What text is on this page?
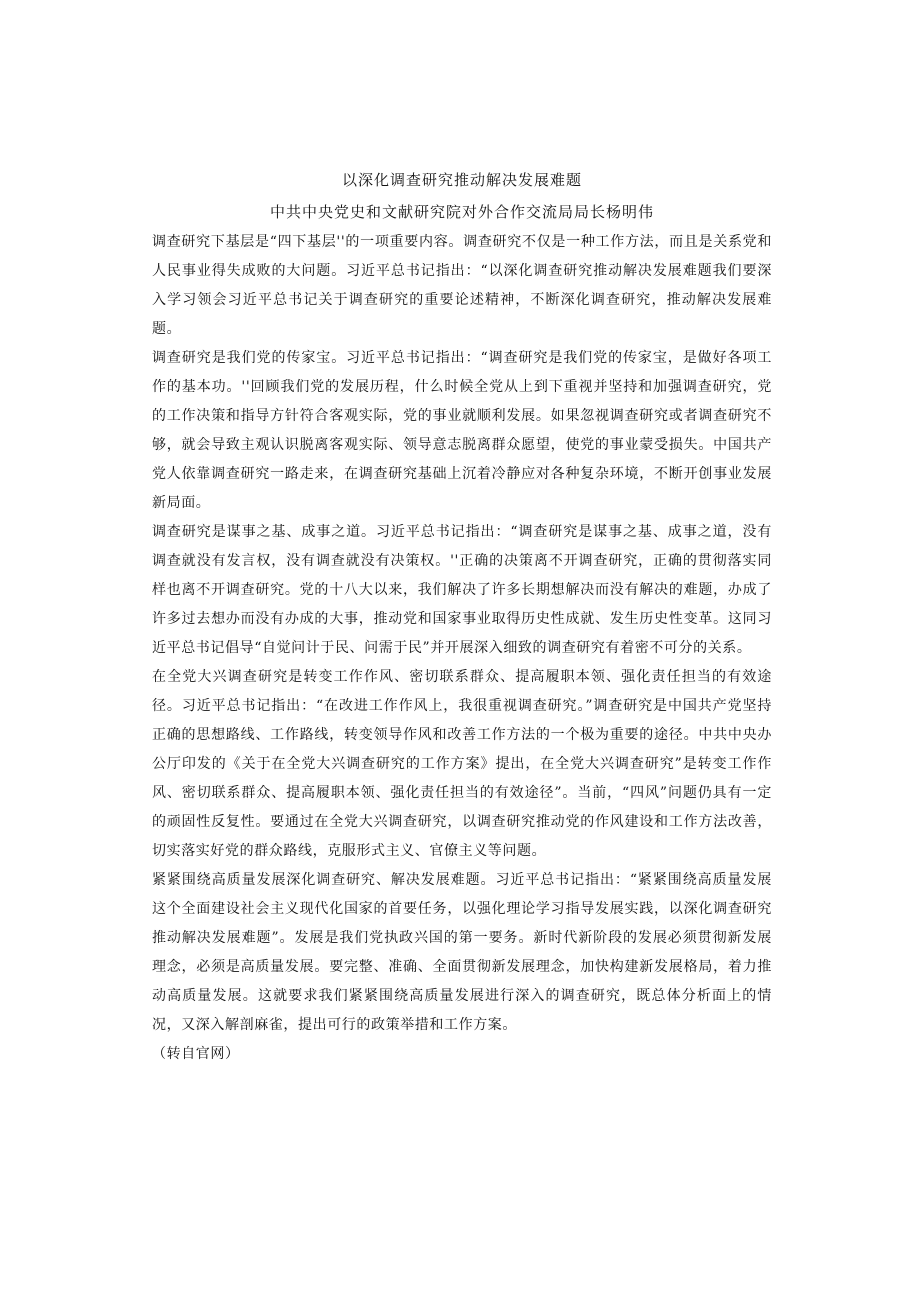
以深化调查研究推动解决发展难题

中共中央党史和文献研究院对外合作交流局局长杨明伟

调查研究下基层是“四下基层''的一项重要内容。调查研究不仅是一种工作方法，而且是关系党和人民事业得失成败的大问题。习近平总书记指出：“以深化调查研究推动解决发展难题我们要深入学习领会习近平总书记关于调查研究的重要论述精神，不断深化调查研究，推动解决发展难题。

调查研究是我们党的传家宝。习近平总书记指出：“调查研究是我们党的传家宝，是做好各项工作的基本功。''回顾我们党的发展历程，什么时候全党从上到下重视并坚持和加强调查研究，党的工作决策和指导方针符合客观实际，党的事业就顺利发展。如果忽视调查研究或者调查研究不够，就会导致主观认识脱离客观实际、领导意志脱离群众愿望，使党的事业蒙受损失。中国共产党人依靠调查研究一路走来，在调查研究基础上沉着冷静应对各种复杂环境，不断开创事业发展新局面。

调查研究是谋事之基、成事之道。习近平总书记指出：“调查研究是谋事之基、成事之道，没有调查就没有发言权，没有调查就没有决策权。''正确的决策离不开调查研究，正确的贯彻落实同样也离不开调查研究。党的十八大以来，我们解决了许多长期想解决而没有解决的难题，办成了许多过去想办而没有办成的大事，推动党和国家事业取得历史性成就、发生历史性变革。这同习近平总书记倡导“自觉问计于民、问需于民”并开展深入细致的调查研究有着密不可分的关系。

在全党大兴调查研究是转变工作作风、密切联系群众、提高履职本领、强化责任担当的有效途径。习近平总书记指出：“在改进工作作风上，我很重视调查研究。”调查研究是中国共产党坚持正确的思想路线、工作路线，转变领导作风和改善工作方法的一个极为重要的途径。中共中央办公厅印发的《关于在全党大兴调查研究的工作方案》提出，在全党大兴调查研究”是转变工作作风、密切联系群众、提高履职本领、强化责任担当的有效途径”。当前，“四风”问题仍具有一定的顽固性反复性。要通过在全党大兴调查研究，以调查研究推动党的作风建设和工作方法改善，切实落实好党的群众路线，克服形式主义、官僚主义等问题。

紧紧围绕高质量发展深化调查研究、解决发展难题。习近平总书记指出：“紧紧围绕高质量发展这个全面建设社会主义现代化国家的首要任务，以强化理论学习指导发展实践，以深化调查研究推动解决发展难题”。发展是我们党执政兴国的第一要务。新时代新阶段的发展必须贯彻新发展理念，必须是高质量发展。要完整、准确、全面贯彻新发展理念，加快构建新发展格局，着力推动高质量发展。这就要求我们紧紧围绕高质量发展进行深入的调查研究，既总体分析面上的情况，又深入解剖麻雀，提出可行的政策举措和工作方案。

（转自官网）
